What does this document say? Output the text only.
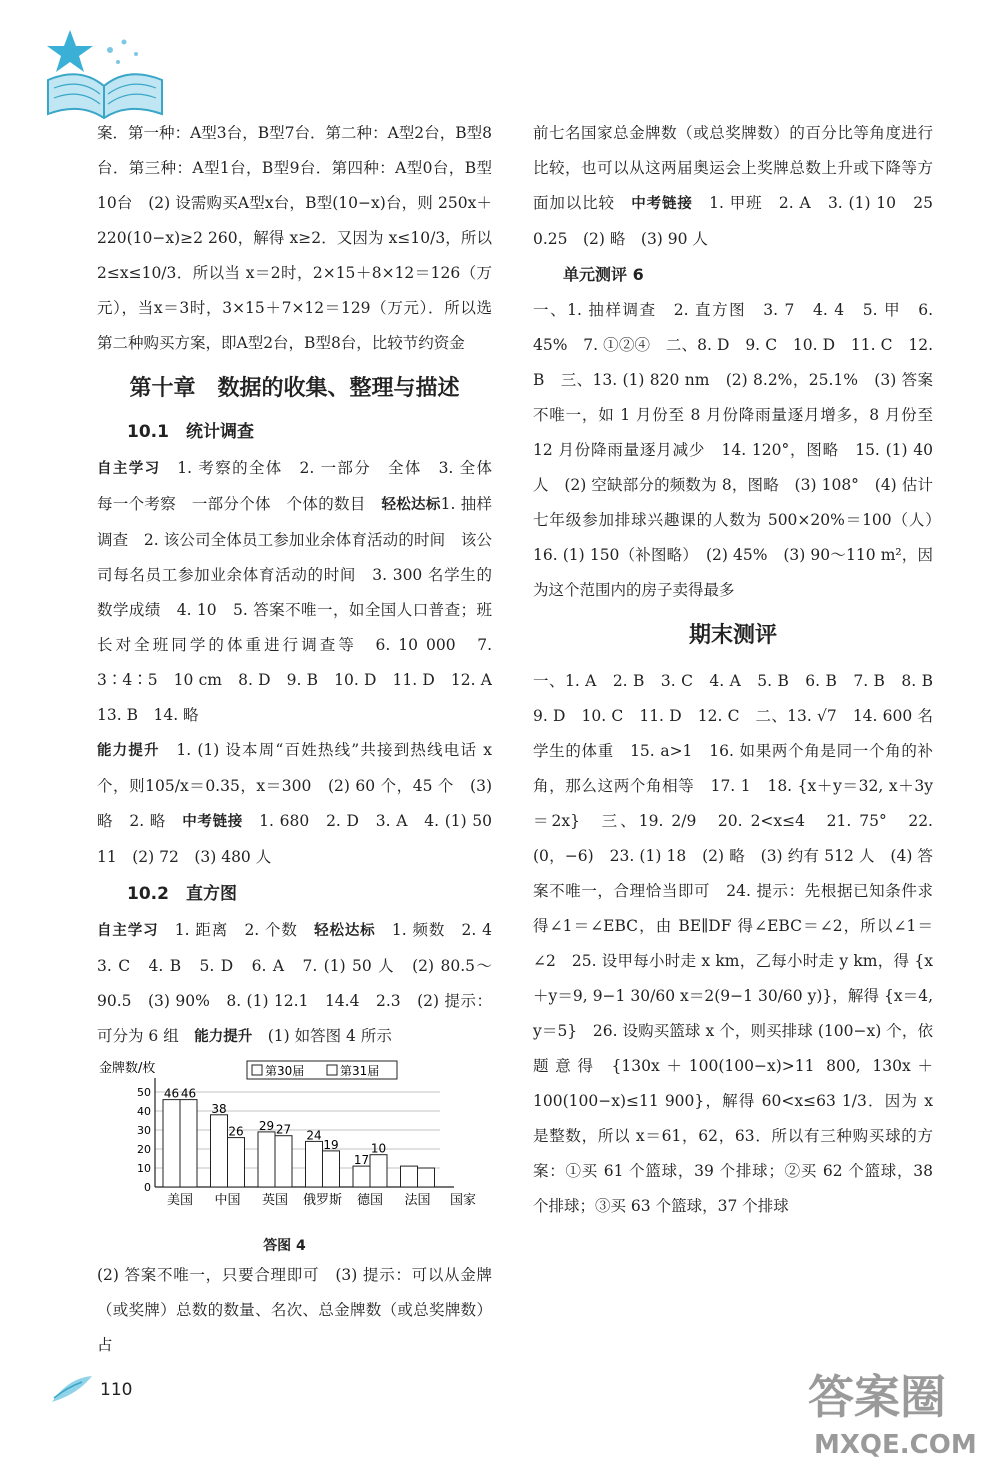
案．第一种：A型3台，B型7台．第二种：A型2台，B型8台．第三种：A型1台，B型9台．第四种：A型0台，B型10台　(2) 设需购买A型x台，B型(10−x)台，则 250x＋220(10−x)≥2 260，解得 x≥2．又因为 x≤10/3，所以 2≤x≤10/3．所以当 x＝2时，2×15＋8×12＝126（万元），当x＝3时，3×15＋7×12＝129（万元）．所以选第二种购买方案，即A型2台，B型8台，比较节约资金

第十章　数据的收集、整理与描述
10.1　统计调查

自主学习　1. 考察的全体　2. 一部分　全体　3. 全体　每一个考察　一部分个体　个体的数目　轻松达标1. 抽样调查　2. 该公司全体员工参加业余体育活动的时间　该公司每名员工参加业余体育活动的时间　3. 300 名学生的数学成绩　4. 10　5. 答案不唯一，如全国人口普查；班长对全班同学的体重进行调查等　6. 10 000　7. 3∶4∶5　10 cm　8. D　9. B　10. D　11. D　12. A　13. B　14. 略
能力提升　1. (1) 设本周“百姓热线”共接到热线电话 x 个，则105/x＝0.35，x＝300　(2) 60 个，45 个　(3) 略　2. 略　中考链接　1. 680　2. D　3. A　4. (1) 50　11　(2) 72　(3) 480 人

10.2　直方图

自主学习　1. 距离　2. 个数　轻松达标　1. 频数　2. 4　3. C　4. B　5. D　6. A　7. (1) 50 人　(2) 80.5～90.5　(3) 90%　8. (1) 12.1　14.4　2.3　(2) 提示：可分为 6 组　能力提升　(1) 如答图 4 所示

0
10
20
30
40
50
金牌数/枚
国家
第30届	第31届
美国 中国 英国 俄罗斯 德国 法国
46 46
38
26 29 27 24
19
17
10
答图 4

(2) 答案不唯一，只要合理即可　(3) 提示：可以从金牌（或奖牌）总数的数量、名次、总金牌数（或总奖牌数）占

前七名国家总金牌数（或总奖牌数）的百分比等角度进行比较，也可以从这两届奥运会上奖牌总数上升或下降等方面加以比较　中考链接　1. 甲班　2. A　3. (1) 10　25　0.25　(2) 略　(3) 90 人

单元测评 6

一、1. 抽样调查　2. 直方图　3. 7　4. 4　5. 甲　6. 45%　7. ①②④　二、8. D　9. C　10. D　11. C　12. B　三、13. (1) 820 nm　(2) 8.2%，25.1%　(3) 答案不唯一，如 1 月份至 8 月份降雨量逐月增多，8 月份至 12 月份降雨量逐月减少　14. 120°，图略　15. (1) 40 人　(2) 空缺部分的频数为 8，图略　(3) 108°　(4) 估计七年级参加排球兴趣课的人数为 500×20%＝100（人）　16. (1) 150（补图略）　(2) 45%　(3) 90～110 m²，因为这个范围内的房子卖得最多

期末测评

一、1. A　2. B　3. C　4. A　5. B　6. B　7. B　8. B　9. D　10. C　11. D　12. C　二、13. √7　14. 600 名学生的体重　15. a>1　16. 如果两个角是同一个角的补角，那么这两个角相等　17. 1　18. {x＋y＝32, x＋3y＝2x}　三、19. 2/9　20. 2<x≤4　21. 75°　22. (0，−6)　23. (1) 18　(2) 略　(3) 约有 512 人　(4) 答案不唯一，合理恰当即可　24. 提示：先根据已知条件求得∠1＝∠EBC，由 BE∥DF 得∠EBC＝∠2，所以∠1＝∠2　25. 设甲每小时走 x km，乙每小时走 y km，得 {x＋y＝9, 9−1 30/60 x＝2(9−1 30/60 y)}，解得 {x＝4, y＝5}　26. 设购买篮球 x 个，则买排球 (100−x) 个，依题意得 {130x＋100(100−x)>11 800, 130x＋100(100−x)≤11 900}，解得 60<x≤63 1/3．因为 x 是整数，所以 x＝61，62，63．所以有三种购买球的方案：①买 61 个篮球，39 个排球；②买 62 个篮球，38 个排球；③买 63 个篮球，37 个排球

110	答案圈
MXQE.COM
